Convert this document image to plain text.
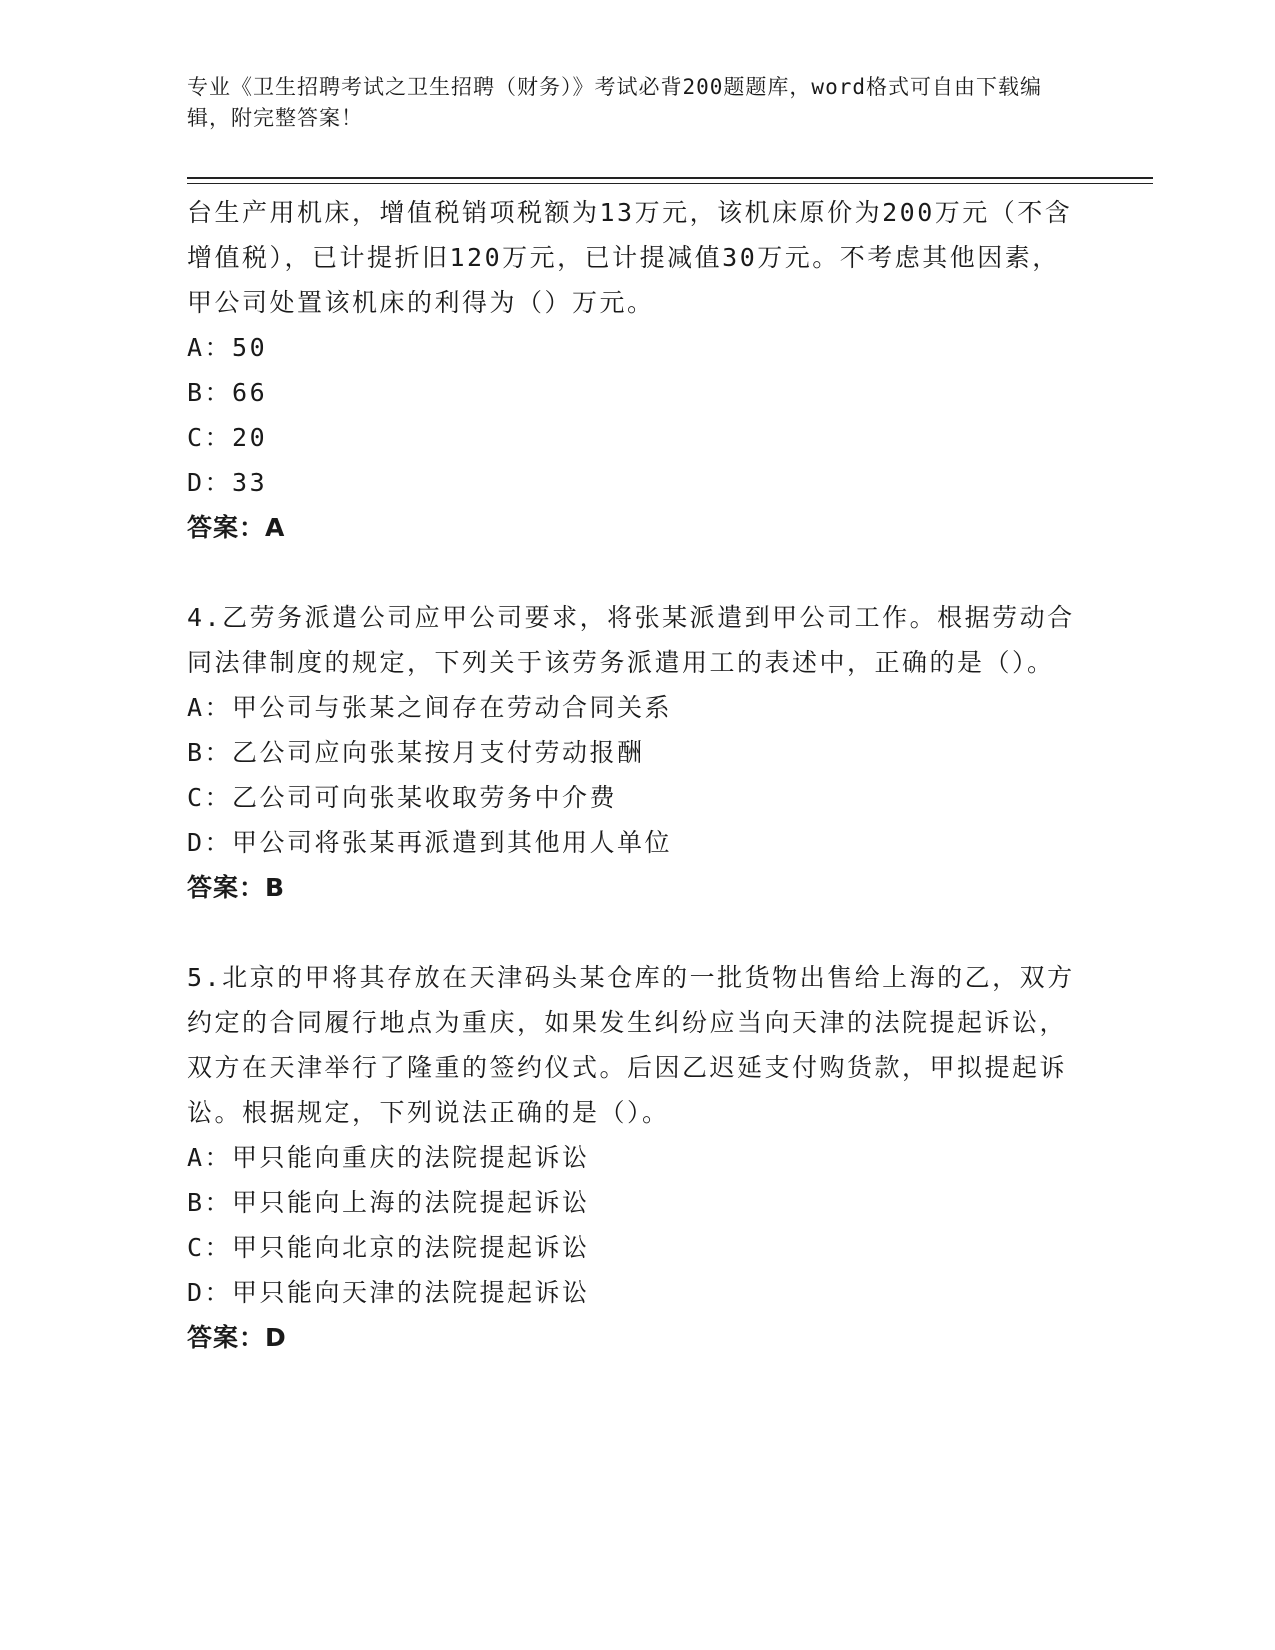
专业《卫生招聘考试之卫生招聘（财务）》考试必背200题题库，word格式可自由下载编辑，附完整答案！

台生产用机床，增值税销项税额为13万元，该机床原价为200万元（不含增值税），已计提折旧120万元，已计提减值30万元。不考虑其他因素，甲公司处置该机床的利得为（）万元。

A：50

B：66

C：20

D：33

答案：A

4.乙劳务派遣公司应甲公司要求，将张某派遣到甲公司工作。根据劳动合同法律制度的规定，下列关于该劳务派遣用工的表述中，正确的是（）。

A：甲公司与张某之间存在劳动合同关系

B：乙公司应向张某按月支付劳动报酬

C：乙公司可向张某收取劳务中介费

D：甲公司将张某再派遣到其他用人单位

答案：B

5.北京的甲将其存放在天津码头某仓库的一批货物出售给上海的乙，双方约定的合同履行地点为重庆，如果发生纠纷应当向天津的法院提起诉讼，双方在天津举行了隆重的签约仪式。后因乙迟延支付购货款，甲拟提起诉讼。根据规定，下列说法正确的是（）。

A：甲只能向重庆的法院提起诉讼

B：甲只能向上海的法院提起诉讼

C：甲只能向北京的法院提起诉讼

D：甲只能向天津的法院提起诉讼

答案：D
